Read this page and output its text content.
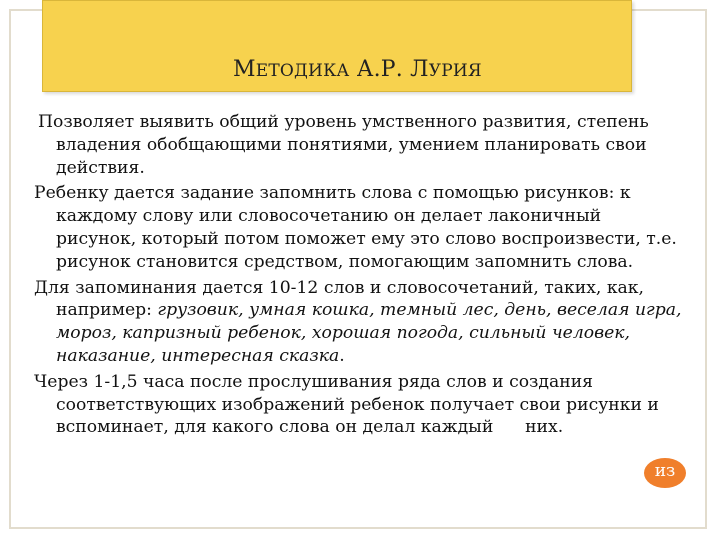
МЕТОДИКА А.Р. ЛУРИЯ

Позволяет выявить общий уровень умственного развития, степень владения обобщающими понятиями, умением планировать свои действия.

Ребенку дается задание запомнить слова с помощью рисунков: к каждому слову или словосочетанию он делает лаконичный рисунок, который потом поможет ему это слово воспроизвести, т.е. рисунок становится средством, помогающим запомнить слова.

Для запоминания дается 10-12 слов и словосочетаний, таких, как, например: грузовик, умная кошка, темный лес, день, веселая игра, мороз, капризный ребенок, хорошая погода, сильный человек, наказание, интересная сказка.

Через 1-1,5 часа после прослушивания ряда слов и создания соответствующих изображений ребенок получает свои рисунки и вспоминает, для какого слова он делал каждый них.

из
